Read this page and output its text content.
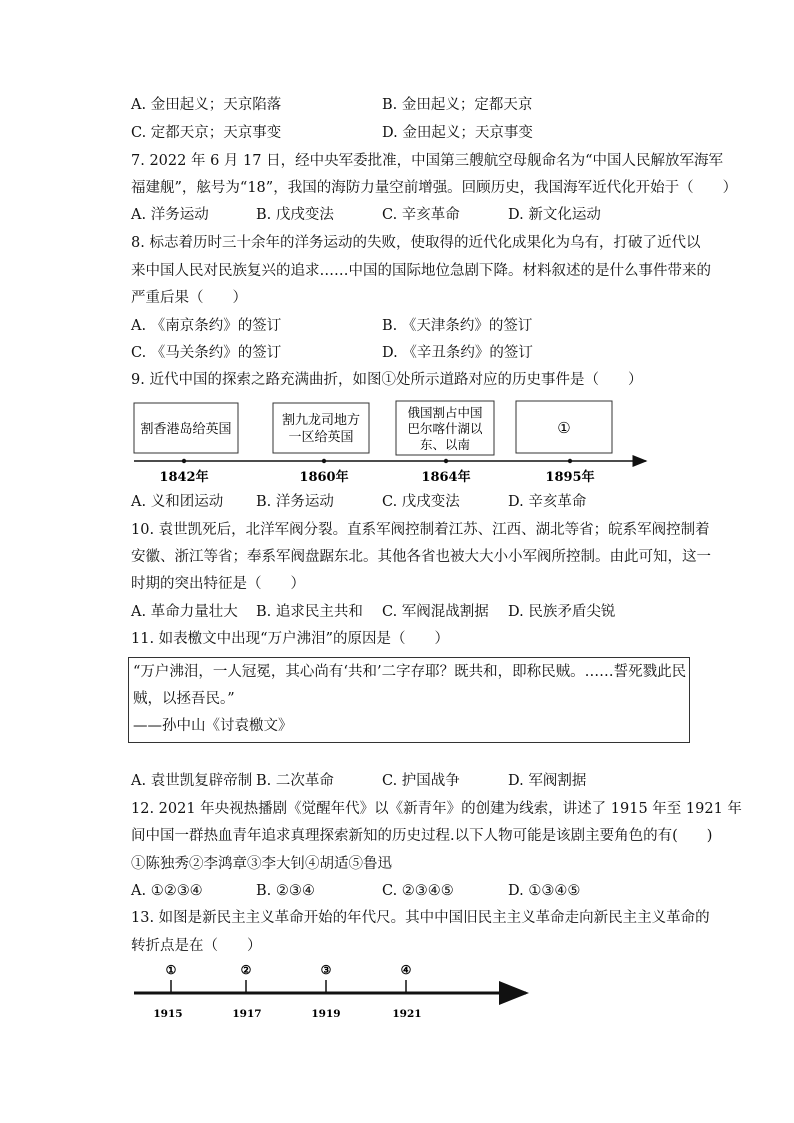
A. 金田起义；天京陷落	B. 金田起义；定都天京
C. 定都天京；天京事变	D. 金田起义；天京事变
7. 2022 年 6 月 17 日，经中央军委批准，中国第三艘航空母舰命名为“中国人民解放军海军
福建舰”，舷号为“18”，我国的海防力量空前增强。回顾历史，我国海军近代化开始于（　　）
A. 洋务运动	B. 戊戌变法	C. 辛亥革命	D. 新文化运动
8. 标志着历时三十余年的洋务运动的失败，使取得的近代化成果化为乌有，打破了近代以
来中国人民对民族复兴的追求……中国的国际地位急剧下降。材料叙述的是什么事件带来的
严重后果（　　）
A. 《南京条约》的签订	B. 《天津条约》的签订
C. 《马关条约》的签订	D. 《辛丑条约》的签订
9. 近代中国的探索之路充满曲折，如图①处所示道路对应的历史事件是（　　）
割香港岛给英国
割九龙司地方
一区给英国
俄国割占中国
巴尔喀什湖以
东、以南
①
1842年	1860年	1864年	1895年
A. 义和团运动 B. 洋务运动	C. 戊戌变法	D. 辛亥革命
10. 袁世凯死后，北洋军阀分裂。直系军阀控制着江苏、江西、湖北等省；皖系军阀控制着
安徽、浙江等省；奉系军阀盘踞东北。其他各省也被大大小小军阀所控制。由此可知，这一
时期的突出特征是（　　）
A. 革命力量壮大 B. 追求民主共和 C. 军阀混战割据 D. 民族矛盾尖锐
11. 如表檄文中出现“万户沸泪”的原因是（　　）
“万户沸泪，一人冠冕，其心尚有‘共和’二字存耶？既共和，即称民贼。……誓死戮此民
贼，以拯吾民。”
——孙中山《讨袁檄文》
A. 袁世凯复辟帝制 B. 二次革命	C. 护国战争	D. 军阀割据
12. 2021 年央视热播剧《觉醒年代》以《新青年》的创建为线索，讲述了 1915 年至 1921 年
间中国一群热血青年追求真理探索新知的历史过程.以下人物可能是该剧主要角色的有(　　)
①陈独秀②李鸿章③李大钊④胡适⑤鲁迅
A. ①②③④	B. ②③④	C. ②③④⑤	D. ①③④⑤
13. 如图是新民主主义革命开始的年代尺。其中中国旧民主主义革命走向新民主主义革命的
转折点是在（　　）
①
1915
②
1917
③
1919
④
1921
